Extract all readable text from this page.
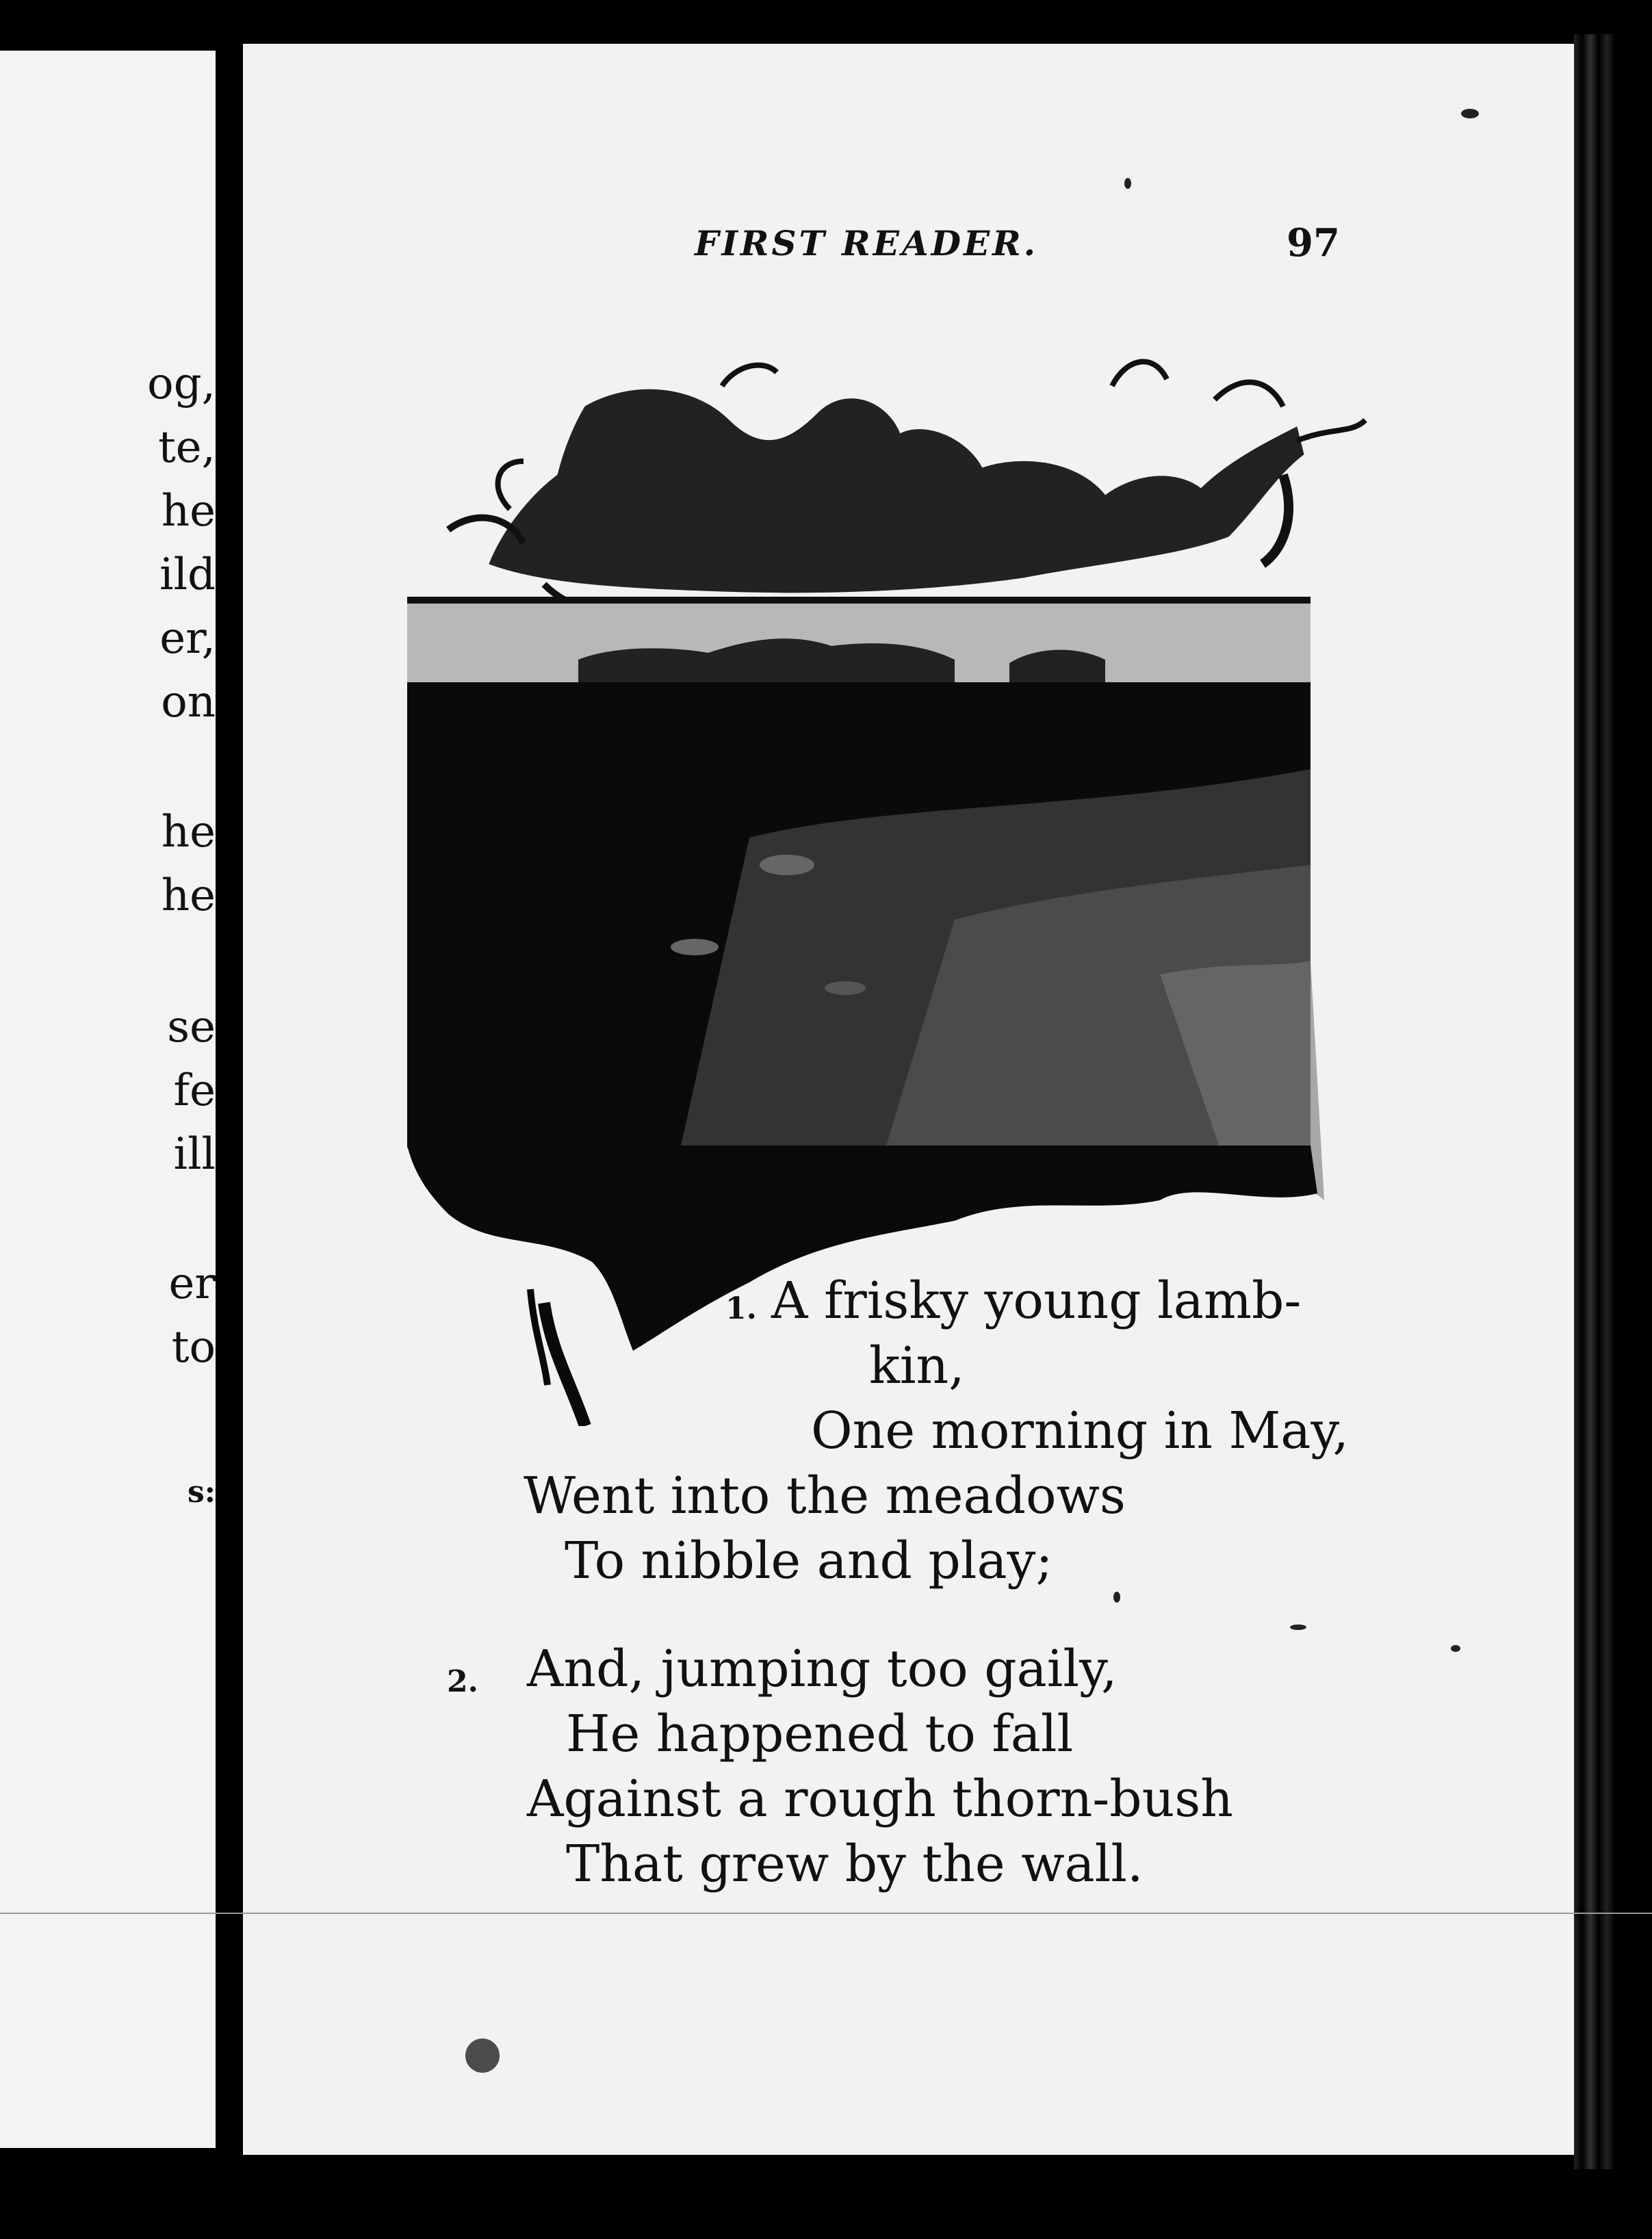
og,
te,
he
ild
er,
on
he
he
se
fe
ill
er
to
s:
FIRST READER.	97
1. A frisky young lamb-
kin,
One morning in May,
Went into the meadows
To nibble and play;
2. And, jumping too gaily,
He happened to fall
Against a rough thorn-bush
That grew by the wall.
